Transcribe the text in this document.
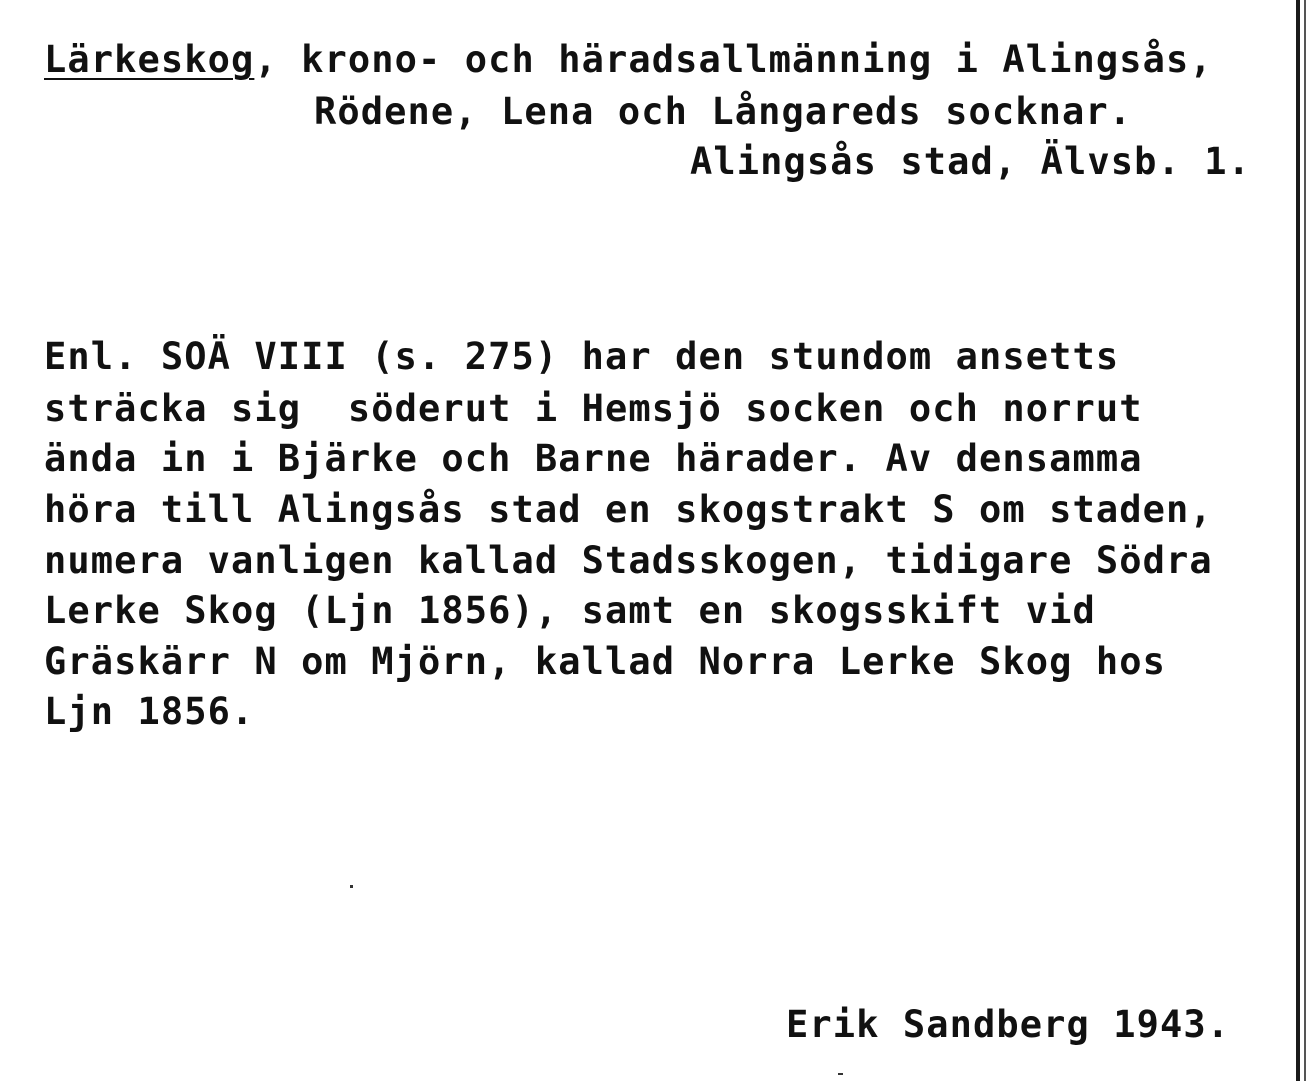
Lärkeskog, krono- och häradsallmänning i Alingsås,
Rödene, Lena och Långareds socknar.
Alingsås stad, Älvsb. 1.
Enl. SOÄ VIII (s. 275) har den stundom ansetts
sträcka sig  söderut i Hemsjö socken och norrut
ända in i Bjärke och Barne härader. Av densamma
höra till Alingsås stad en skogstrakt S om staden,
numera vanligen kallad Stadsskogen, tidigare Södra
Lerke Skog (Ljn 1856), samt en skogsskift vid
Gräskärr N om Mjörn, kallad Norra Lerke Skog hos
Ljn 1856.
Erik Sandberg 1943.
